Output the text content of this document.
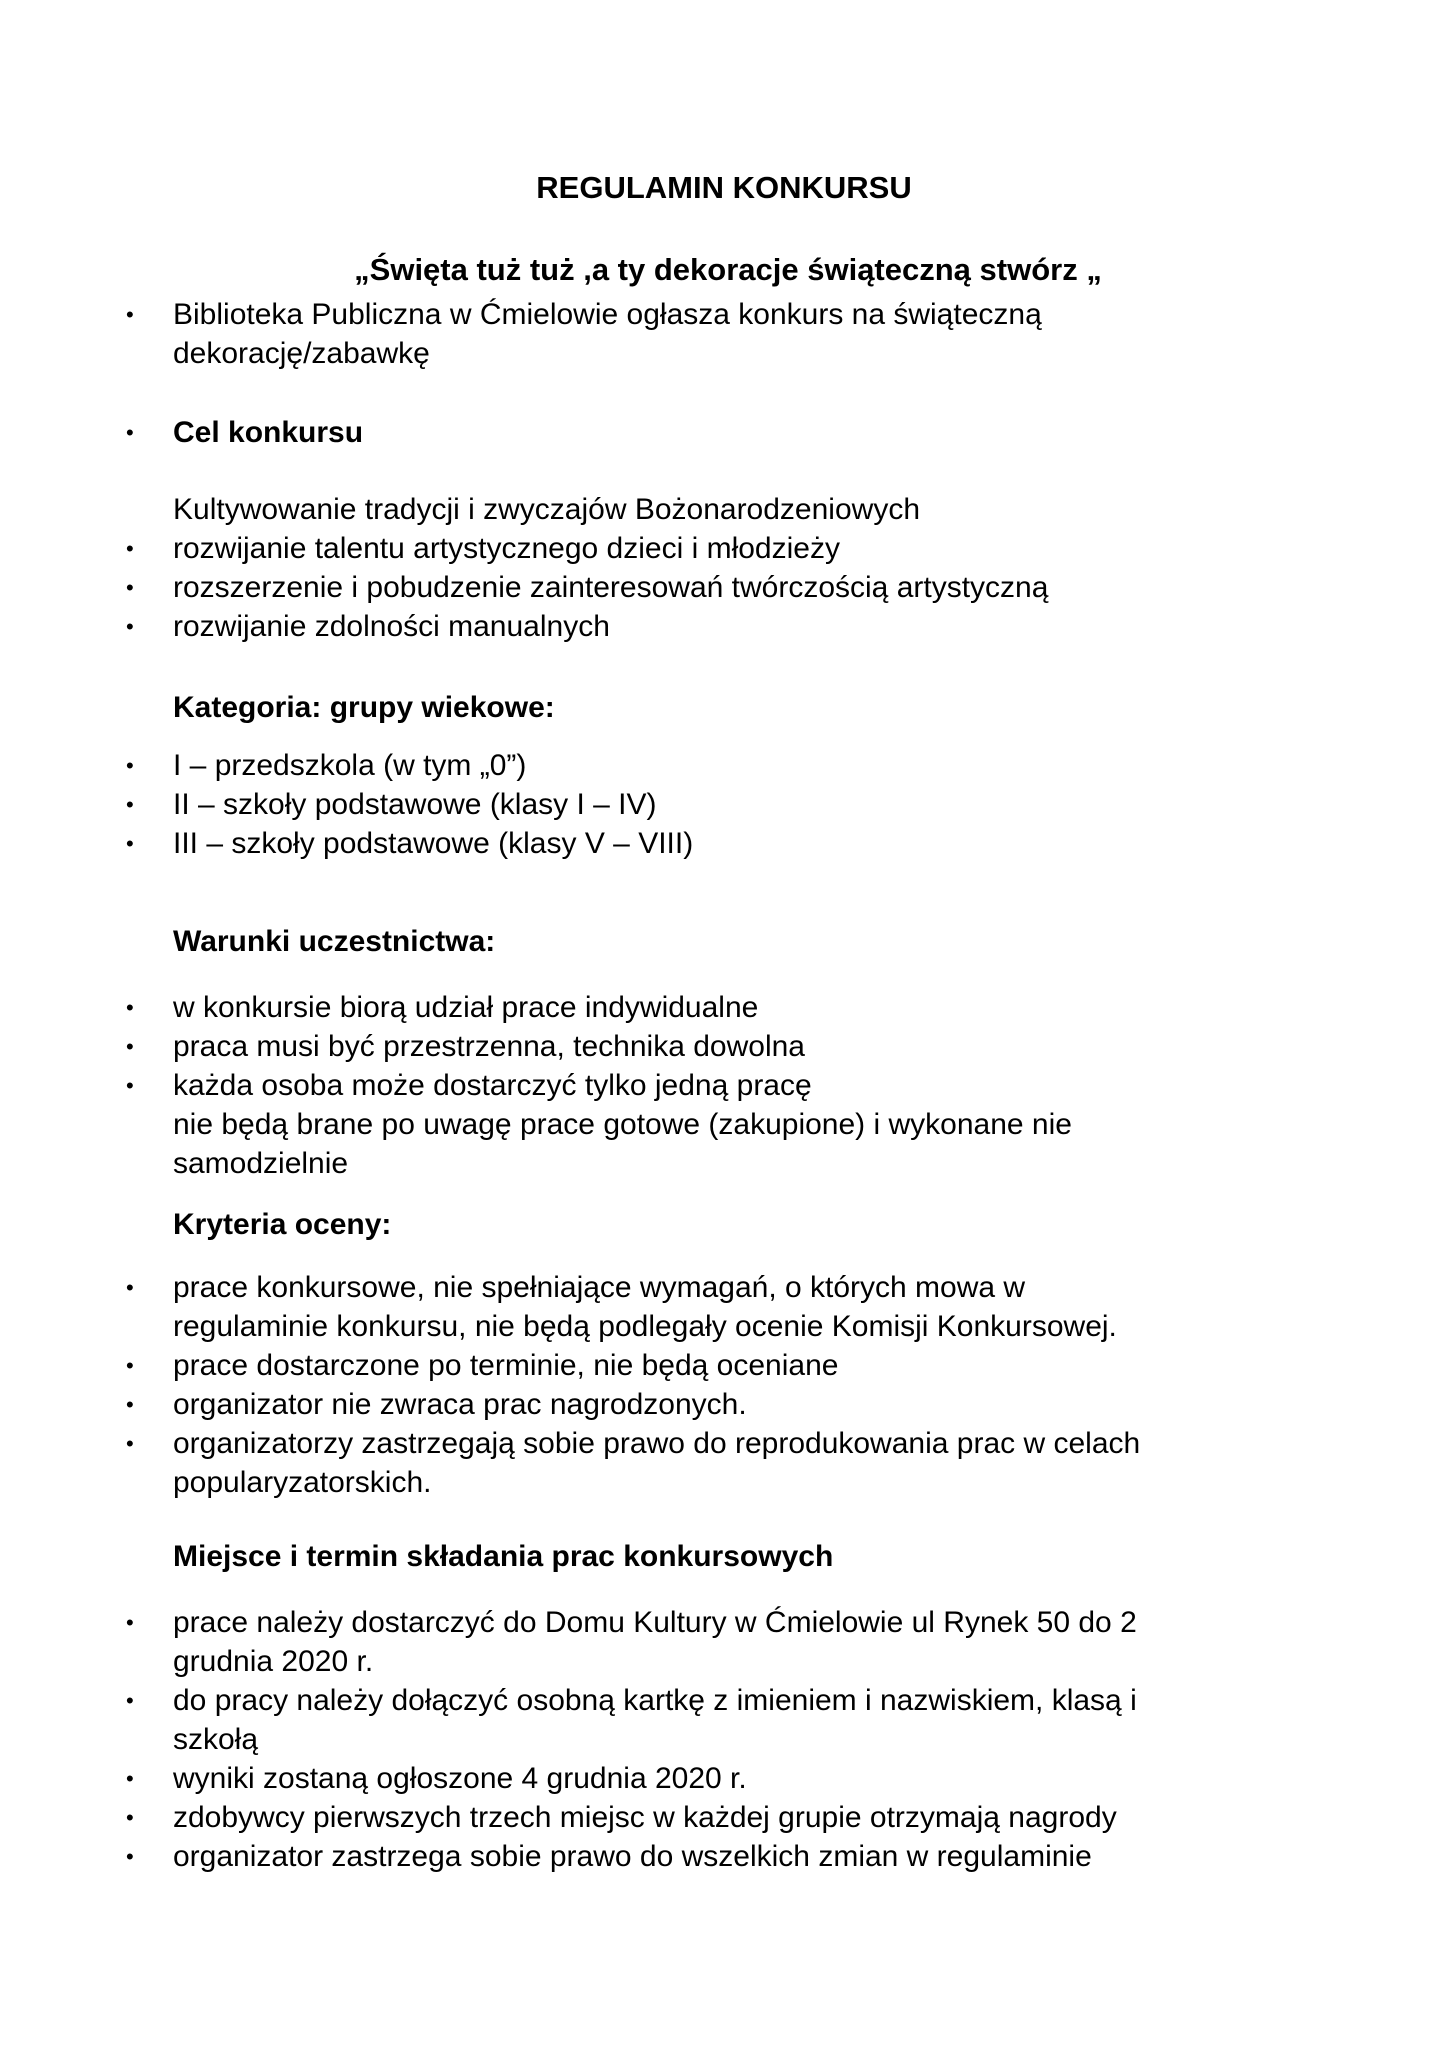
REGULAMIN KONKURSU
„Święta tuż tuż ,a ty dekoracje świąteczną stwórz „
• Biblioteka Publiczna w Ćmielowie ogłasza konkurs na świąteczną
dekorację/zabawkę
• Cel konkursu
Kultywowanie tradycji i zwyczajów Bożonarodzeniowych
• rozwijanie talentu artystycznego dzieci i młodzieży
• rozszerzenie i pobudzenie zainteresowań twórczością artystyczną
• rozwijanie zdolności manualnych
Kategoria: grupy wiekowe:
• I – przedszkola (w tym „0”)
• II – szkoły podstawowe (klasy I – IV)
• III – szkoły podstawowe (klasy V – VIII)
Warunki uczestnictwa:
• w konkursie biorą udział prace indywidualne
• praca musi być przestrzenna, technika dowolna
• każda osoba może dostarczyć tylko jedną pracę
nie będą brane po uwagę prace gotowe (zakupione) i wykonane nie
samodzielnie
Kryteria oceny:
• prace konkursowe, nie spełniające wymagań, o których mowa w
regulaminie konkursu, nie będą podlegały ocenie Komisji Konkursowej.
• prace dostarczone po terminie, nie będą oceniane
• organizator nie zwraca prac nagrodzonych.
• organizatorzy zastrzegają sobie prawo do reprodukowania prac w celach
popularyzatorskich.
Miejsce i termin składania prac konkursowych
• prace należy dostarczyć do Domu Kultury w Ćmielowie ul Rynek 50 do 2
grudnia 2020 r.
• do pracy należy dołączyć osobną kartkę z imieniem i nazwiskiem, klasą i
szkołą
• wyniki zostaną ogłoszone 4 grudnia 2020 r.
• zdobywcy pierwszych trzech miejsc w każdej grupie otrzymają nagrody
• organizator zastrzega sobie prawo do wszelkich zmian w regulaminie
